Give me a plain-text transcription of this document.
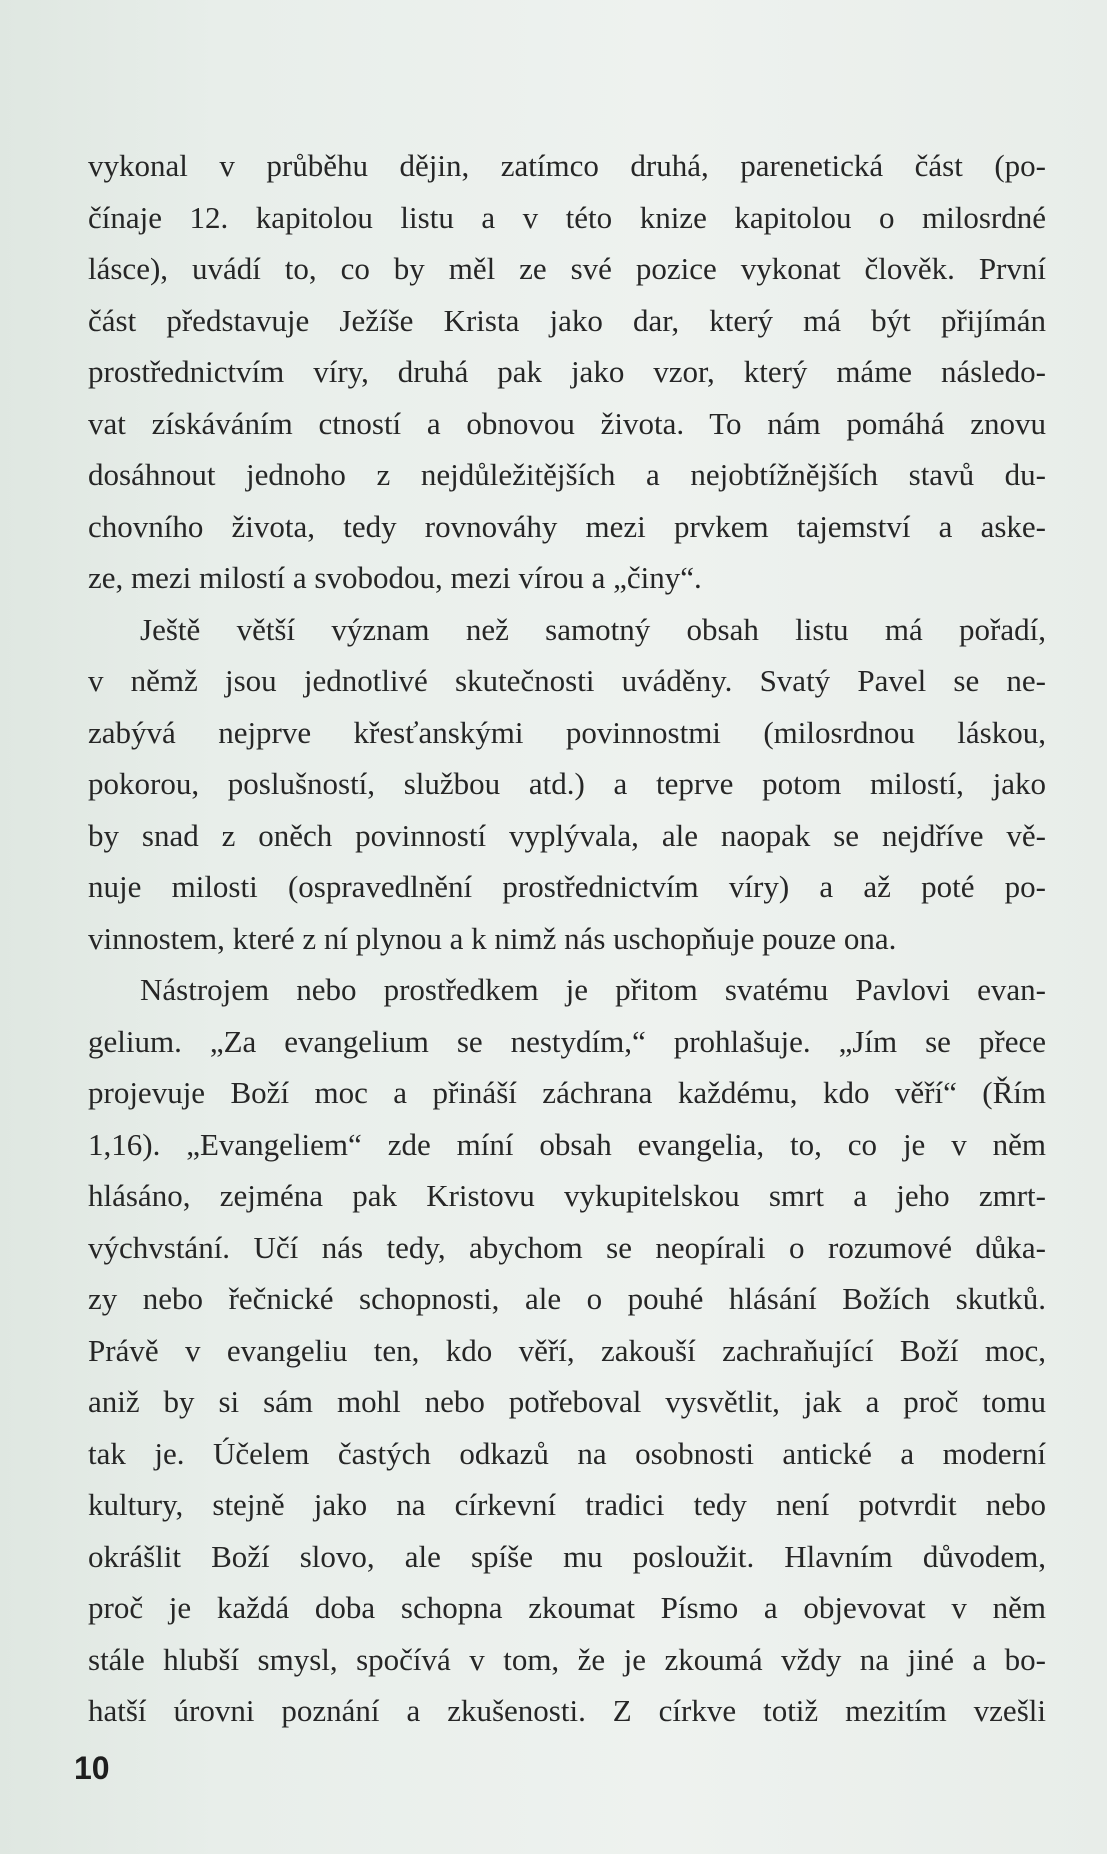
vykonal v průběhu dějin, zatímco druhá, parenetická část (po-
čínaje 12. kapitolou listu a v této knize kapitolou o milosrdné
lásce), uvádí to, co by měl ze své pozice vykonat člověk. První
část představuje Ježíše Krista jako dar, který má být přijímán
prostřednictvím víry, druhá pak jako vzor, který máme následo-
vat získáváním ctností a obnovou života. To nám pomáhá znovu
dosáhnout jednoho z nejdůležitějších a nejobtížnějších stavů du-
chovního života, tedy rovnováhy mezi prvkem tajemství a aske-
ze, mezi milostí a svobodou, mezi vírou a „činy“.
Ještě větší význam než samotný obsah listu má pořadí,
v němž jsou jednotlivé skutečnosti uváděny. Svatý Pavel se ne-
zabývá nejprve křesťanskými povinnostmi (milosrdnou láskou,
pokorou, poslušností, službou atd.) a teprve potom milostí, jako
by snad z oněch povinností vyplývala, ale naopak se nejdříve vě-
nuje milosti (ospravedlnění prostřednictvím víry) a až poté po-
vinnostem, které z ní plynou a k nimž nás uschopňuje pouze ona.
Nástrojem nebo prostředkem je přitom svatému Pavlovi evan-
gelium. „Za evangelium se nestydím,“ prohlašuje. „Jím se přece
projevuje Boží moc a přináší záchrana každému, kdo věří“ (Řím
1,16). „Evangeliem“ zde míní obsah evangelia, to, co je v něm
hlásáno, zejména pak Kristovu vykupitelskou smrt a jeho zmrt-
výchvstání. Učí nás tedy, abychom se neopírali o rozumové důka-
zy nebo řečnické schopnosti, ale o pouhé hlásání Božích skutků.
Právě v evangeliu ten, kdo věří, zakouší zachraňující Boží moc,
aniž by si sám mohl nebo potřeboval vysvětlit, jak a proč tomu
tak je. Účelem častých odkazů na osobnosti antické a moderní
kultury, stejně jako na církevní tradici tedy není potvrdit nebo
okrášlit Boží slovo, ale spíše mu posloužit. Hlavním důvodem,
proč je každá doba schopna zkoumat Písmo a objevovat v něm
stále hlubší smysl, spočívá v tom, že je zkoumá vždy na jiné a bo-
hatší úrovni poznání a zkušenosti. Z církve totiž mezitím vzešli
10
